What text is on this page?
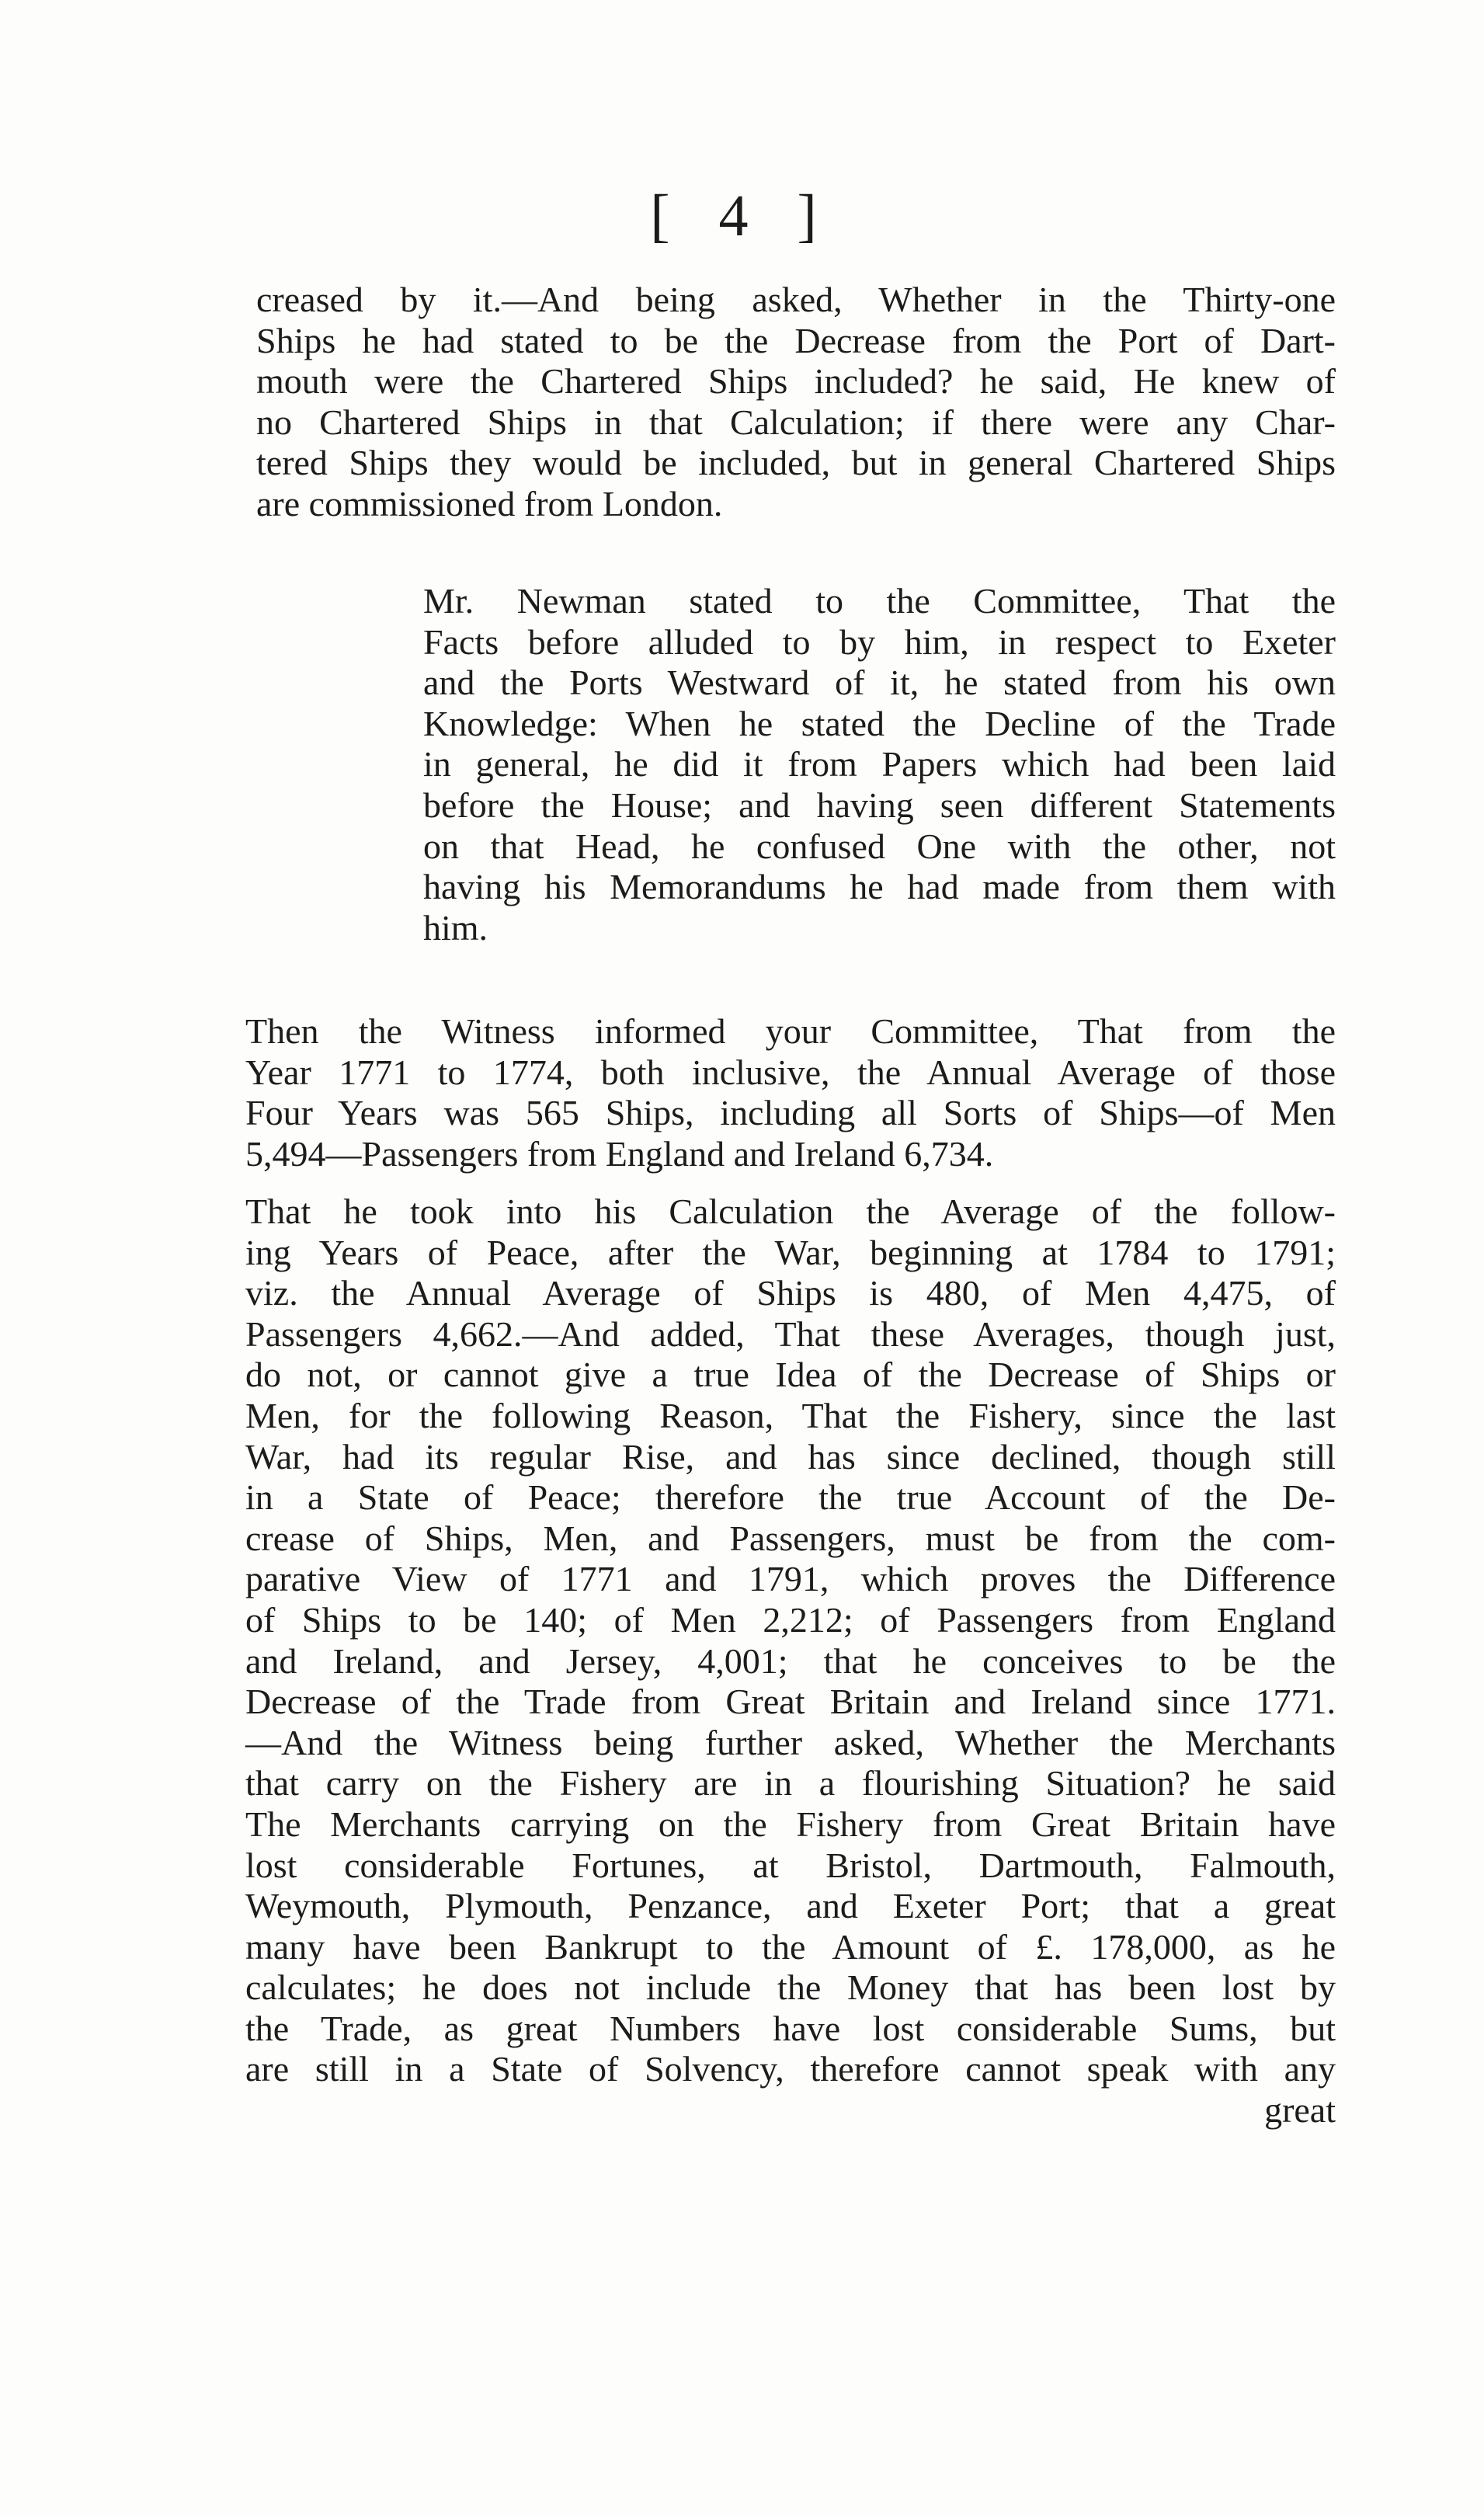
[ 4 ]
creased by it.—And being asked, Whether in the Thirty-one
Ships he had stated to be the Decrease from the Port of Dart-
mouth were the Chartered Ships included? he said, He knew of
no Chartered Ships in that Calculation; if there were any Char-
tered Ships they would be included, but in general Chartered Ships
are commissioned from London.
Mr. Newman stated to the Committee, That the
Facts before alluded to by him, in respect to Exeter
and the Ports Westward of it, he stated from his own
Knowledge: When he stated the Decline of the Trade
in general, he did it from Papers which had been laid
before the House; and having seen different Statements
on that Head, he confused One with the other, not
having his Memorandums he had made from them with
him.
Then the Witness informed your Committee, That from the
Year 1771 to 1774, both inclusive, the Annual Average of those
Four Years was 565 Ships, including all Sorts of Ships—of Men
5,494—Passengers from England and Ireland 6,734.
That he took into his Calculation the Average of the follow-
ing Years of Peace, after the War, beginning at 1784 to 1791;
viz. the Annual Average of Ships is 480, of Men 4,475, of
Passengers 4,662.—And added, That these Averages, though just,
do not, or cannot give a true Idea of the Decrease of Ships or
Men, for the following Reason, That the Fishery, since the last
War, had its regular Rise, and has since declined, though still
in a State of Peace; therefore the true Account of the De-
crease of Ships, Men, and Passengers, must be from the com-
parative View of 1771 and 1791, which proves the Difference
of Ships to be 140; of Men 2,212; of Passengers from England
and Ireland, and Jersey, 4,001; that he conceives to be the
Decrease of the Trade from Great Britain and Ireland since 1771.
—And the Witness being further asked, Whether the Merchants
that carry on the Fishery are in a flourishing Situation? he said
The Merchants carrying on the Fishery from Great Britain have
lost considerable Fortunes, at Bristol, Dartmouth, Falmouth,
Weymouth, Plymouth, Penzance, and Exeter Port; that a great
many have been Bankrupt to the Amount of £. 178,000, as he
calculates; he does not include the Money that has been lost by
the Trade, as great Numbers have lost considerable Sums, but
are still in a State of Solvency, therefore cannot speak with any
great
